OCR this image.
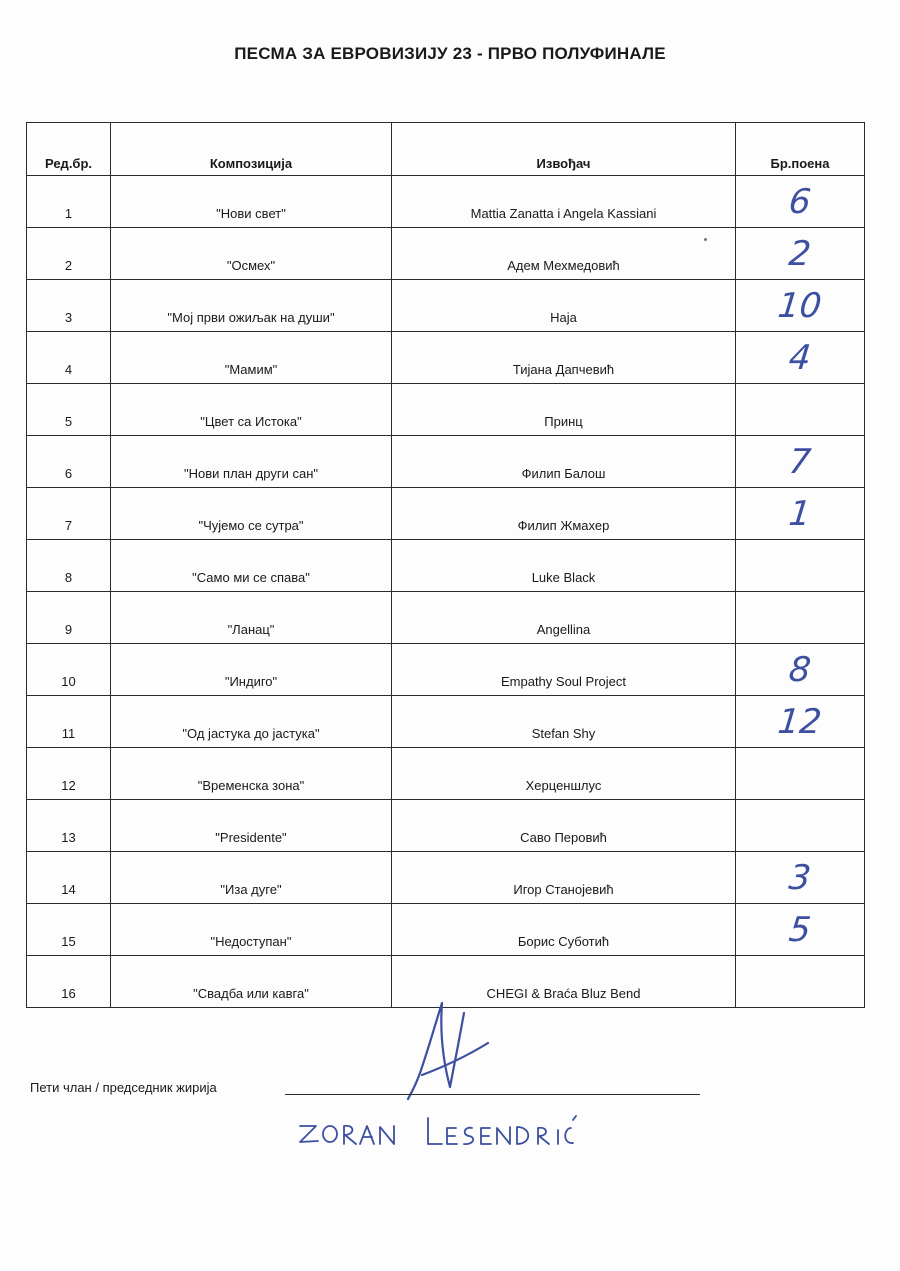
ПЕСМА ЗА ЕВРОВИЗИЈУ 23 - ПРВО ПОЛУФИНАЛЕ
Ред.бр.	Композиција	Извођач	Бр.поена
1	"Нови свет"	Mattia Zanatta i Angela Kassiani	6
2	"Осмех"	Адем Мехмедовић	2
3	"Мој први ожиљак на души"	Наја	10
4	"Мамим"	Тијана Дапчевић	4
5	"Цвет са Истока"	Принц	
6	"Нови план други сан"	Филип Балош	7
7	"Чујемо се сутра"	Филип Жмахер	1
8	"Само ми се спава"	Luke Black	
9	"Ланац"	Angellina	
10	"Индиго"	Empathy Soul Project	8
11	"Од јастука до јастука"	Stefan Shy	12
12	"Временска зона"	Херценшлус	
13	"Presidente"	Саво Перовић	
14	"Иза дуге"	Игор Станојевић	3
15	"Недоступан"	Борис Суботић	5
16	"Свадба или кавга"	CHEGI & Braća Bluz Bend	
Пети члан / председник жирија
